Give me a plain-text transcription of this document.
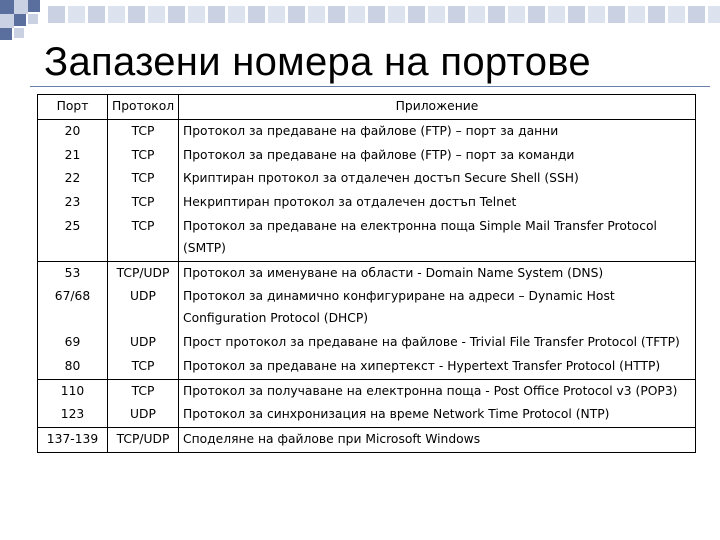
Запазени номера на портове
Порт	Протокол	Приложение
20	TCP	Протокол за предаване на файлове (FTP) – порт за данни
21	TCP	Протокол за предаване на файлове (FTP) – порт за команди
22	TCP	Криптиран протокол за отдалечен достъп Secure Shell (SSH)
23	TCP	Некриптиран протокол за отдалечен достъп Telnet
25	TCP	Протокол за предаване на електронна поща Simple Mail Transfer Protocol (SMTP)
53	TCP/UDP	Протокол за именуване на области - Domain Name System (DNS)
67/68	UDP	Протокол за динамично конфигуриране на адреси – Dynamic Host Configuration Protocol (DHCP)
69	UDP	Прост протокол за предаване на файлове - Trivial File Transfer Protocol (TFTP)
80	TCP	Протокол за предаване на хипертекст - Hypertext Transfer Protocol (HTTP)
110	TCP	Протокол за получаване на електронна поща - Post Office Protocol v3 (POP3)
123	UDP	Протокол за синхронизация на време Network Time Protocol (NTP)
137-139	TCP/UDP	Споделяне на файлове при Microsoft Windows
